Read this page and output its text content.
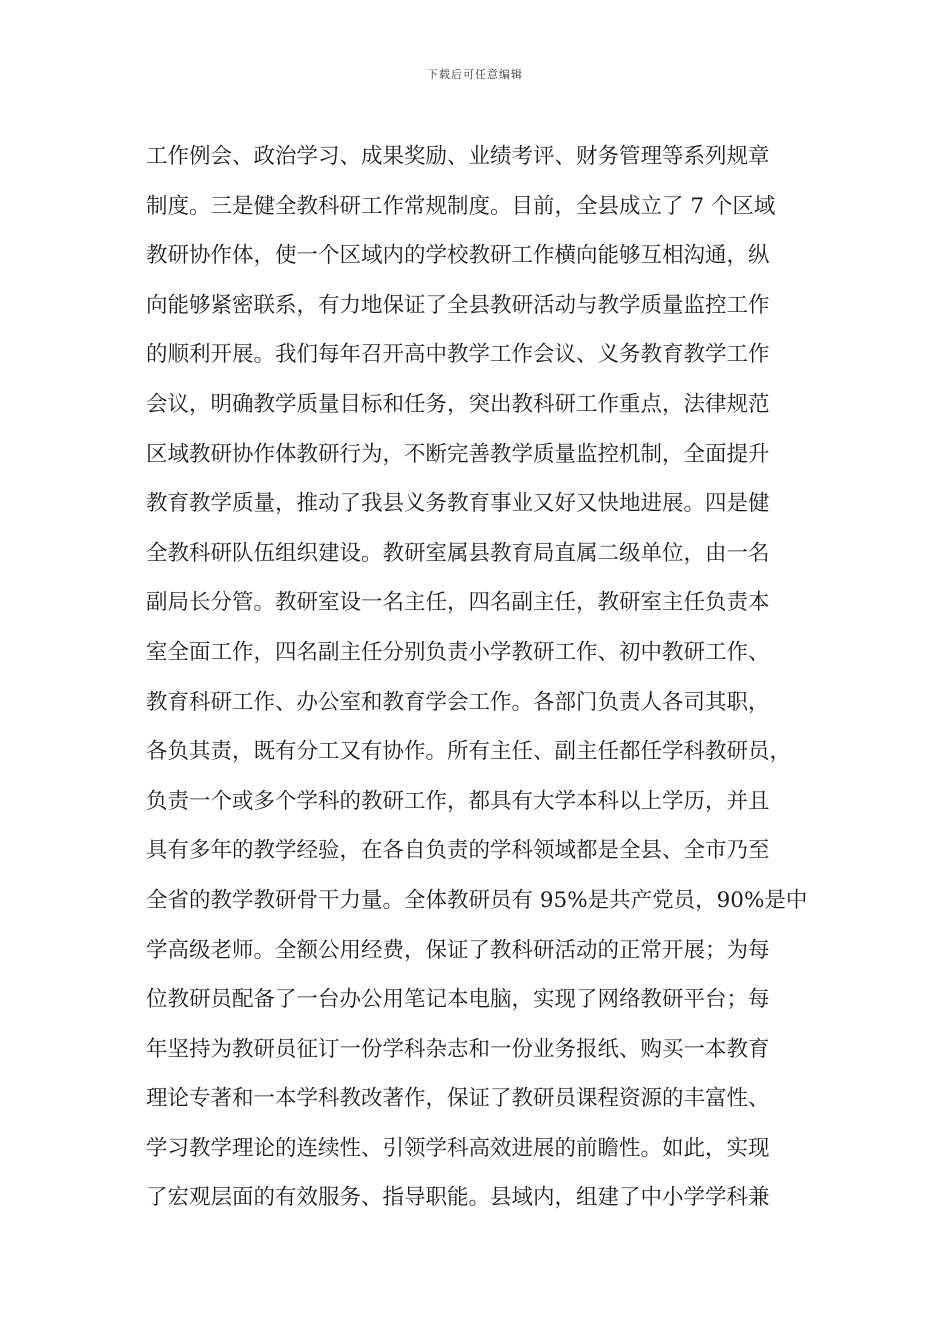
下载后可任意编辑
工作例会、政治学习、成果奖励、业绩考评、财务管理等系列规章
制度。三是健全教科研工作常规制度。目前，全县成立了 7 个区域
教研协作体，使一个区域内的学校教研工作横向能够互相沟通，纵
向能够紧密联系，有力地保证了全县教研活动与教学质量监控工作
的顺利开展。我们每年召开高中教学工作会议、义务教育教学工作
会议，明确教学质量目标和任务，突出教科研工作重点，法律规范
区域教研协作体教研行为，不断完善教学质量监控机制，全面提升
教育教学质量，推动了我县义务教育事业又好又快地进展。四是健
全教科研队伍组织建设。教研室属县教育局直属二级单位，由一名
副局长分管。教研室设一名主任，四名副主任，教研室主任负责本
室全面工作，四名副主任分别负责小学教研工作、初中教研工作、
教育科研工作、办公室和教育学会工作。各部门负责人各司其职，
各负其责，既有分工又有协作。所有主任、副主任都任学科教研员，
负责一个或多个学科的教研工作，都具有大学本科以上学历，并且
具有多年的教学经验，在各自负责的学科领域都是全县、全市乃至
全省的教学教研骨干力量。全体教研员有 95%是共产党员，90%是中
学高级老师。全额公用经费，保证了教科研活动的正常开展；为每
位教研员配备了一台办公用笔记本电脑，实现了网络教研平台；每
年坚持为教研员征订一份学科杂志和一份业务报纸、购买一本教育
理论专著和一本学科教改著作，保证了教研员课程资源的丰富性、
学习教学理论的连续性、引领学科高效进展的前瞻性。如此，实现
了宏观层面的有效服务、指导职能。县域内，组建了中小学学科兼
